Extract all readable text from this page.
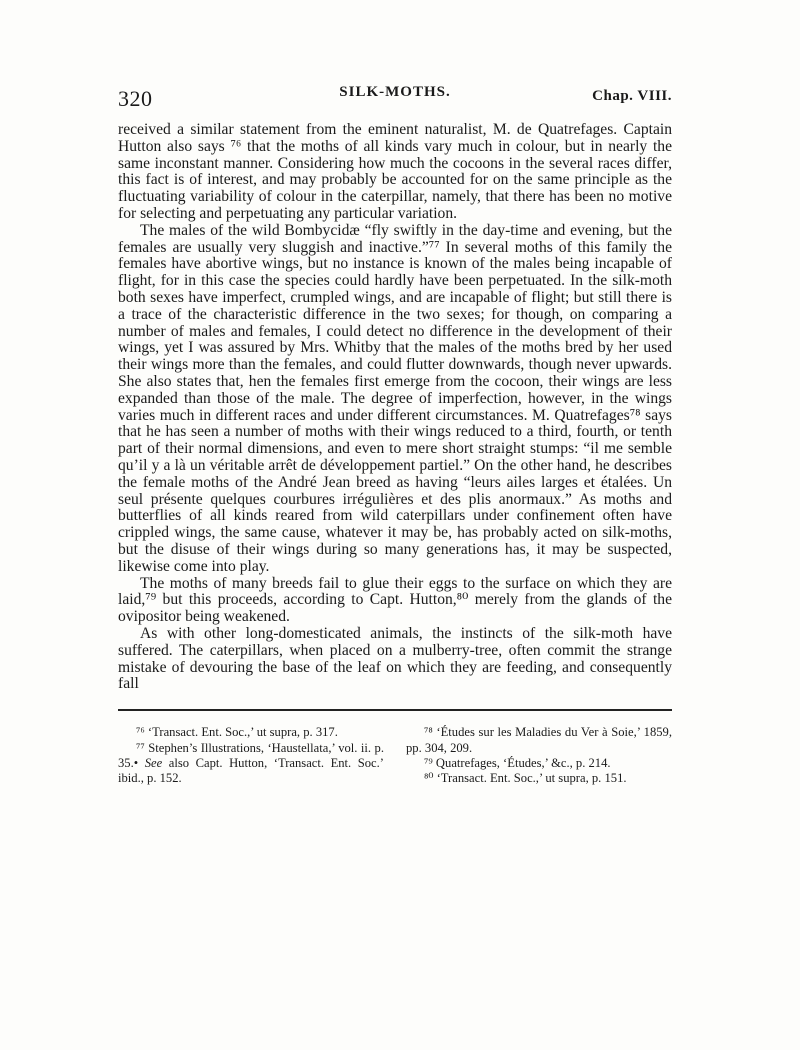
320	SILK-MOTHS.	Chap. VIII.

received a similar statement from the eminent naturalist, M. de Quatrefages. Captain Hutton also says ⁷⁶ that the moths of all kinds vary much in colour, but in nearly the same inconstant manner. Considering how much the cocoons in the several races differ, this fact is of interest, and may probably be accounted for on the same principle as the fluctuating variability of colour in the caterpillar, namely, that there has been no motive for selecting and perpetuating any particular variation.

The males of the wild Bombycidæ “fly swiftly in the day-time and evening, but the females are usually very sluggish and inactive.”⁷⁷ In several moths of this family the females have abortive wings, but no instance is known of the males being incapable of flight, for in this case the species could hardly have been perpetuated. In the silk-moth both sexes have imperfect, crumpled wings, and are incapable of flight; but still there is a trace of the characteristic difference in the two sexes; for though, on comparing a number of males and females, I could detect no difference in the development of their wings, yet I was assured by Mrs. Whitby that the males of the moths bred by her used their wings more than the females, and could flutter downwards, though never upwards. She also states that, hen the females first emerge from the cocoon, their wings are less expanded than those of the male. The degree of imperfection, however, in the wings varies much in different races and under different circumstances. M. Quatrefages⁷⁸ says that he has seen a number of moths with their wings reduced to a third, fourth, or tenth part of their normal dimensions, and even to mere short straight stumps: “il me semble qu’il y a là un véritable arrêt de développement partiel.” On the other hand, he describes the female moths of the André Jean breed as having “leurs ailes larges et étalées. Un seul présente quelques courbures irrégulières et des plis anormaux.” As moths and butterflies of all kinds reared from wild caterpillars under confinement often have crippled wings, the same cause, whatever it may be, has probably acted on silk-moths, but the disuse of their wings during so many generations has, it may be suspected, likewise come into play.

The moths of many breeds fail to glue their eggs to the surface on which they are laid,⁷⁹ but this proceeds, according to Capt. Hutton,⁸⁰ merely from the glands of the ovipositor being weakened.

As with other long-domesticated animals, the instincts of the silk-moth have suffered. The caterpillars, when placed on a mulberry-tree, often commit the strange mistake of devouring the base of the leaf on which they are feeding, and consequently fall

⁷⁶ ‘Transact. Ent. Soc.,’ ut supra, p. 317.

⁷⁷ Stephen’s Illustrations, ‘Haustellata,’ vol. ii. p. 35.• See also Capt. Hutton, ‘Transact. Ent. Soc.’ ibid., p. 152.

⁷⁸ ‘Études sur les Maladies du Ver à Soie,’ 1859, pp. 304, 209.

⁷⁹ Quatrefages, ‘Études,’ &c., p. 214.

⁸⁰ ‘Transact. Ent. Soc.,’ ut supra, p. 151.
